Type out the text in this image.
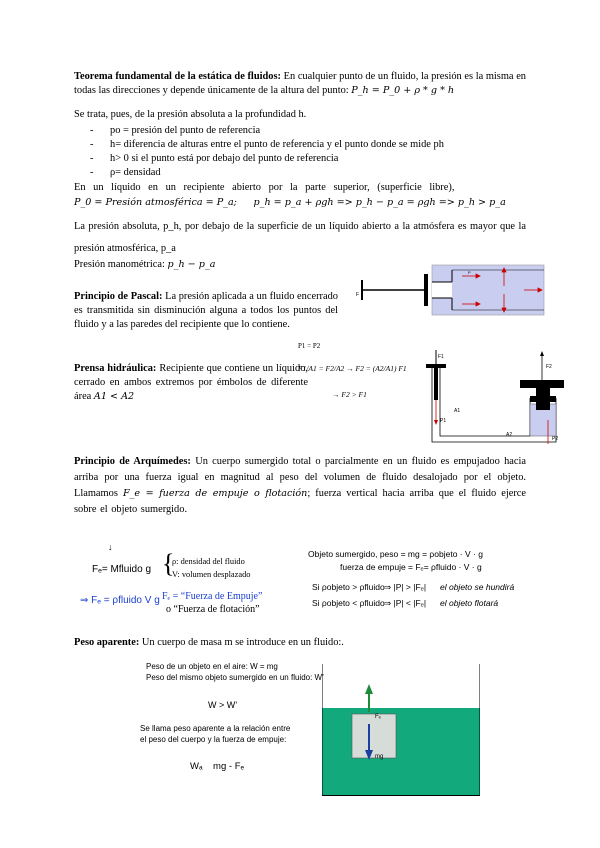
Teorema fundamental de la estática de fluidos: En cualquier punto de un fluido, la presión es la misma en todas las direcciones y depende únicamente de la altura del punto: P_h = P_0 + ρ * g * h
Se trata, pues, de la presión absoluta a la profundidad h.
- po = presión del punto de referencia
- h= diferencia de alturas entre el punto de referencia y el punto donde se mide ph
- h> 0 si el punto está por debajo del punto de referencia
- ρ= densidad
En un líquido en un recipiente abierto por la parte superior, (superficie libre),
P_0 = Presión atmosférica = P_a; p_h = p_a + ρgh => p_h − p_a = ρgh => p_h > p_a
La presión absoluta, p_h, por debajo de la superficie de un líquido abierto a la atmósfera es mayor que la presión atmosférica, p_a
Presión manométrica: p_h − p_a
Principio de Pascal: La presión aplicada a un fluido encerrado es transmitida sin disminución alguna a todos los puntos del fluido y a las paredes del recipiente que lo contiene.
F
P
Prensa hidráulica: Recipiente que contiene un líquido, cerrado en ambos extremos por émbolos de diferente área A1 < A2
P1 = P2
F1/A1 = F2/A2 → F2 = (A2/A1) F1
→ F2 > F1
F1
A1
P1
F2
A2
P2
Principio de Arquímedes: Un cuerpo sumergido total o parcialmente en un fluido es empujadoo hacia arriba por una fuerza igual en magnitud al peso del volumen de fluido desalojado por el objeto. Llamamos F_e = fuerza de empuje o flotación; fuerza vertical hacia arriba que el fluido ejerce sobre el objeto sumergido.
↓
Fₑ= Mfluido g {
ρ: densidad del fluido
V: volumen desplazado
⇒ Fₑ = ρfluido V g Fₑ = “Fuerza de Empuje”
o “Fuerza de flotación”
Objeto sumergido, peso = mg = ρobjeto · V · g
fuerza de empuje = Fₑ= ρfluido · V · g
Si ρobjeto > ρfluido ⇒ |P| > |Fₑ| el objeto se hundirá
Si ρobjeto < ρfluido ⇒ |P| < |Fₑ| el objeto flotará
Peso aparente: Un cuerpo de masa m se introduce en un fluido:.
Peso de un objeto en el aire: W = mg
Peso del mismo objeto sumergido en un fluido: W’
W > W’
Se llama peso aparente a la relación entre
el peso del cuerpo y la fuerza de empuje:
Wₐ    mg - Fₑ
Fₑ
mg
